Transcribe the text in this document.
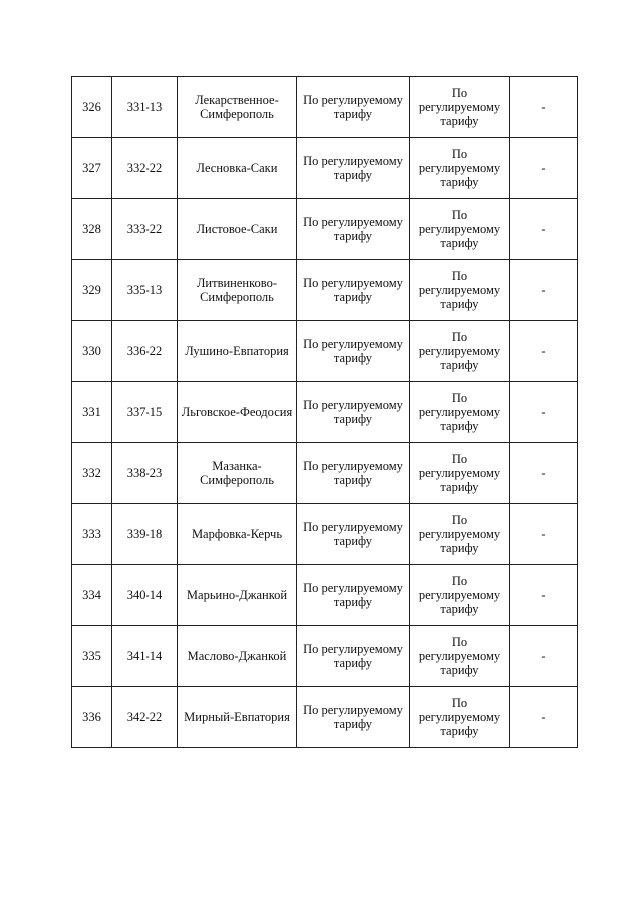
326	331-13	Лекарственное-
Симферополь	По регулируемому
тарифу	По
регулируемому
тарифу	-
327	332-22	Лесновка-Саки	По регулируемому
тарифу	По
регулируемому
тарифу	-
328	333-22	Листовое-Саки	По регулируемому
тарифу	По
регулируемому
тарифу	-
329	335-13	Литвиненково-
Симферополь	По регулируемому
тарифу	По
регулируемому
тарифу	-
330	336-22	Лушино-Евпатория	По регулируемому
тарифу	По
регулируемому
тарифу	-
331	337-15	Льговское-Феодосия	По регулируемому
тарифу	По
регулируемому
тарифу	-
332	338-23	Мазанка-
Симферополь	По регулируемому
тарифу	По
регулируемому
тарифу	-
333	339-18	Марфовка-Керчь	По регулируемому
тарифу	По
регулируемому
тарифу	-
334	340-14	Марьино-Джанкой	По регулируемому
тарифу	По
регулируемому
тарифу	-
335	341-14	Маслово-Джанкой	По регулируемому
тарифу	По
регулируемому
тарифу	-
336	342-22	Мирный-Евпатория	По регулируемому
тарифу	По
регулируемому
тарифу	-
